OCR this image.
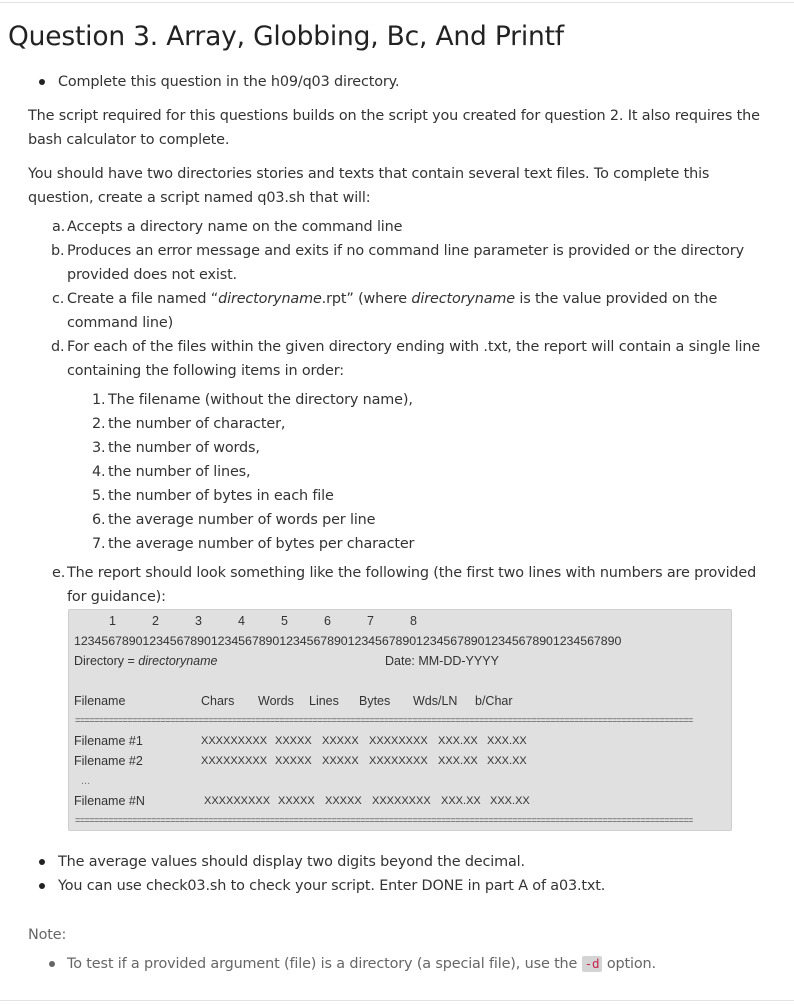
Question 3. Array, Globbing, Bc, And Printf
Complete this question in the h09/q03 directory.
The script required for this questions builds on the script you created for question 2. It also requires the
bash calculator to complete.
You should have two directories stories and texts that contain several text files. To complete this
question, create a script named q03.sh that will:
a. Accepts a directory name on the command line
b. Produces an error message and exits if no command line parameter is provided or the directory
provided does not exist.
c. Create a file named “directoryname.rpt” (where directoryname is the value provided on the
command line)
d. For each of the files within the given directory ending with .txt, the report will contain a single line
containing the following items in order:
1. The filename (without the directory name),
2. the number of character,
3. the number of words,
4. the number of lines,
5. the number of bytes in each file
6. the average number of words per line
7. the average number of bytes per character
e. The report should look something like the following (the first two lines with numbers are provided
for guidance):
1	2	3	4	5	6	7	8
12345678901234567890123456789012345678901234567890123456789012345678901234567890
Directory = directoryname	Date: MM-DD-YYYY
Filename	Chars Words Lines Bytes Wds/LN b/Char
==================================================================================================================================
Filename #1	XXXXXXXXX XXXXX XXXXX XXXXXXXX XXX.XX XXX.XX
Filename #2	XXXXXXXXX XXXXX XXXXX XXXXXXXX XXX.XX XXX.XX
...
Filename #N	XXXXXXXXX XXXXX XXXXX XXXXXXXX XXX.XX XXX.XX
==================================================================================================================================
The average values should display two digits beyond the decimal.
You can use check03.sh to check your script. Enter DONE in part A of a03.txt.
Note:
To test if a provided argument (file) is a directory (a special file), use the -d option.
